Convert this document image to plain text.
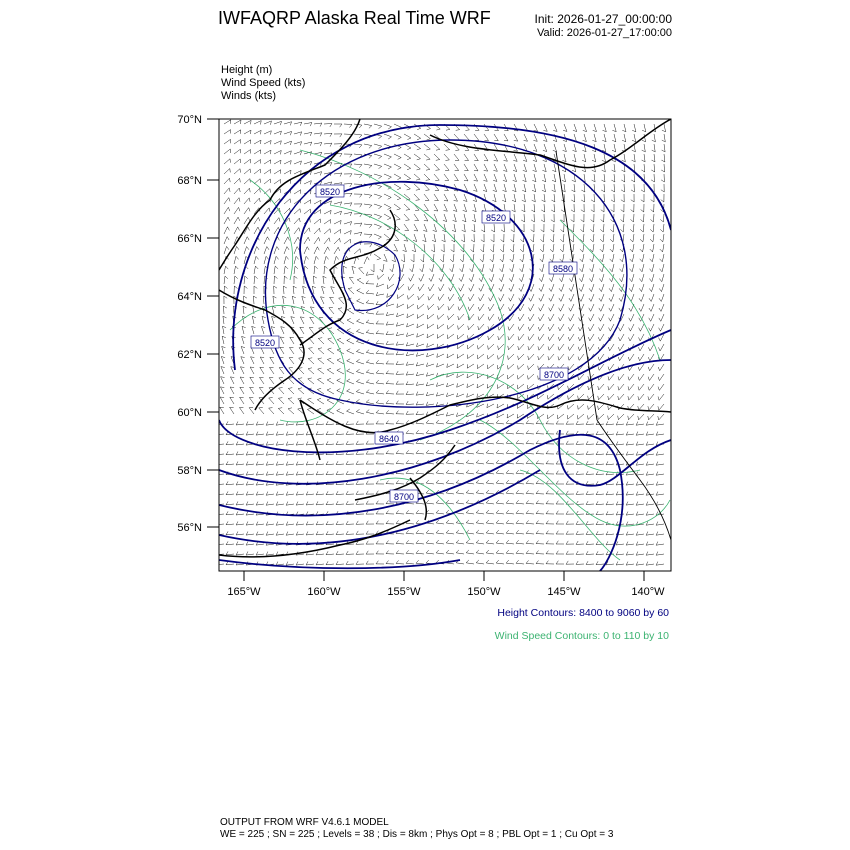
IWFAQRP Alaska Real Time WRF	Init: 2026-01-27_00:00:00
Valid: 2026-01-27_17:00:00
Height (m)
Wind Speed (kts)
Winds (kts)
8520
8520
8520
8580
8700
8640
8700
70°N
68°N
66°N
64°N
62°N
60°N
58°N
56°N
165°W	160°W	155°W	150°W	145°W	140°W
Height Contours: 8400 to 9060 by 60
Wind Speed Contours: 0 to 110 by 10
OUTPUT FROM WRF V4.6.1 MODEL
WE = 225 ; SN = 225 ; Levels = 38 ; Dis = 8km ; Phys Opt = 8 ; PBL Opt = 1 ; Cu Opt = 3
